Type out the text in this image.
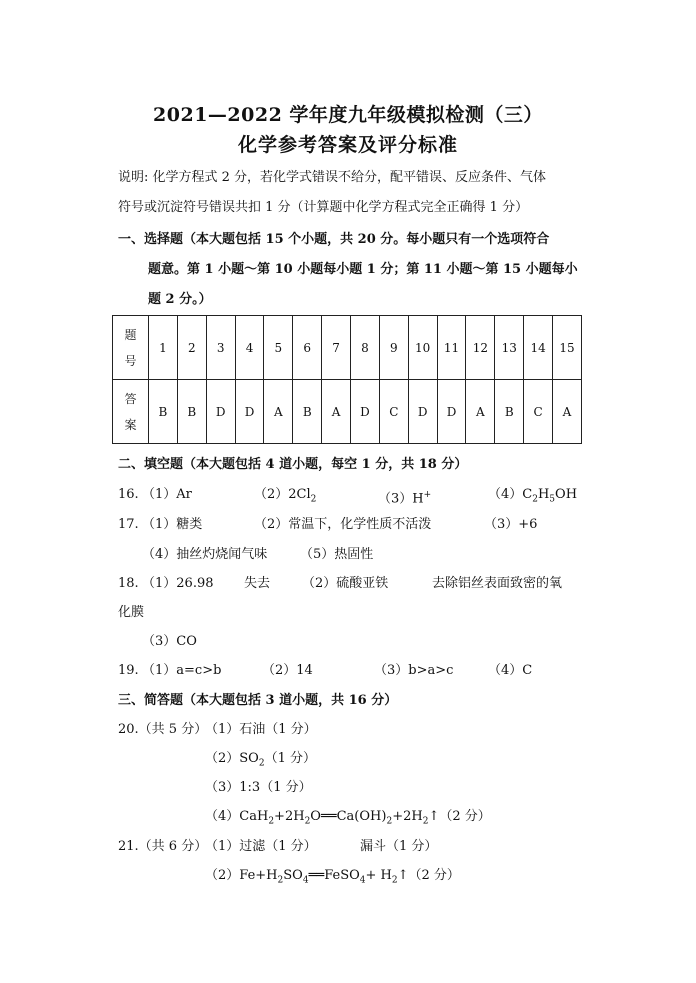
2021—2022 学年度九年级模拟检测（三）
化学参考答案及评分标准
说明: 化学方程式 2 分，若化学式错误不给分，配平错误、反应条件、气体
符号或沉淀符号错误共扣 1 分（计算题中化学方程式完全正确得 1 分）
一、选择题（本大题包括 15 个小题，共 20 分。每小题只有一个选项符合
题意。第 1 小题～第 10 小题每小题 1 分；第 11 小题～第 15 小题每小
题 2 分。）
题
号	1	2	3	4	5	6	7	8	9	10	11	12	13	14	15

答
案	B	B	D	D	A	B	A	D	C	D	D	A	B	C	A
二、填空题（本大题包括 4 道小题，每空 1 分，共 18 分）
16. （1）Ar	$(2)2Cl_2$	（3）H+	$(4)C_2H_5OH$
17. （1）糖类	（2）常温下，化学性质不活泼	（3）+6
（4）抽丝灼烧闻气味	（5）热固性
18. （1）26.98 失去 （2）硫酸亚铁	去除铝丝表面致密的氧
化膜
（3）CO
19. （1）a=c>b	（2）14	（3）b>a>c	（4）C
三、简答题（本大题包括 3 道小题，共 16 分）
20.（共 5 分）
（1）石油（1 分）
$(2)SO_2(1$ 分）
（3）1:3（1 分）
$(4)CaH_2+2H_2O══Ca(OH)_2+2H_2↑(2$ 分）
21.（共 6 分）
（1）过滤（1 分）	漏斗（1 分）
$(2)Fe+H_2SO_4══FeSO_4+$ $H_2↑(2$ 分）
